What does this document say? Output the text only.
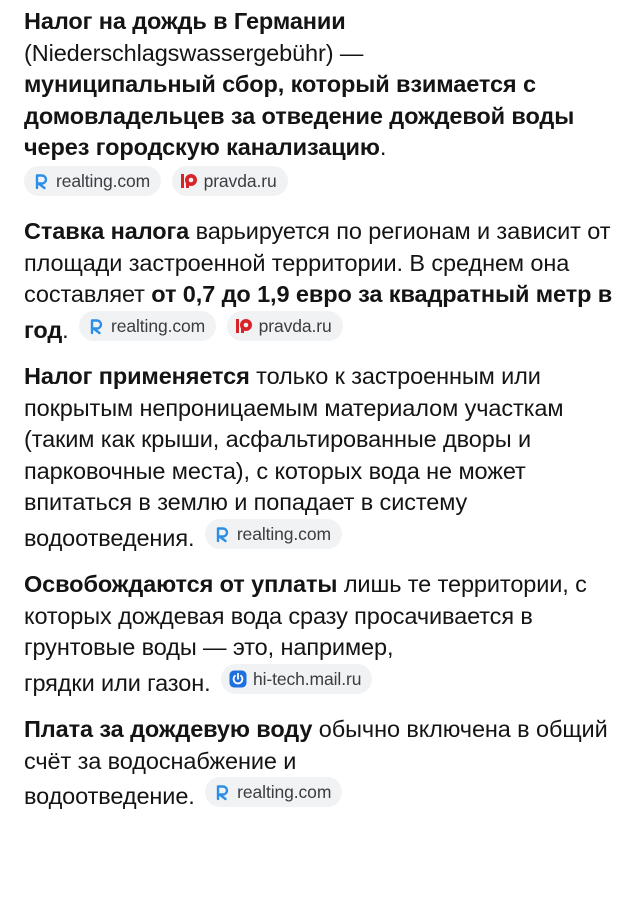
Налог на дождь в Германии
(Niederschlagswassergebühr) —
муниципальный сбор, который взимается с домовладельцев за отведение дождевой воды через городскую канализацию.
realting.com
	pravda.ru
Ставка налога варьируется по регионам и зависит от площади застроенной территории. В среднем она составляет от 0,7 до 1,9 евро за квадратный метр в год. realting.com
	pravda.ru
Налог применяется только к застроенным или покрытым непроницаемым материалом участкам (таким как крыши, асфальтированные дворы и парковочные места), с которых вода не может впитаться в землю и попадает в систему водоотведения. realting.com
Освобождаются от уплаты лишь те территории, с которых дождевая вода сразу просачивается в грунтовые воды — это, например, грядки или газон. hi-tech.mail.ru
Плата за дождевую воду обычно включена в общий счёт за водоснабжение и водоотведение. realting.com
